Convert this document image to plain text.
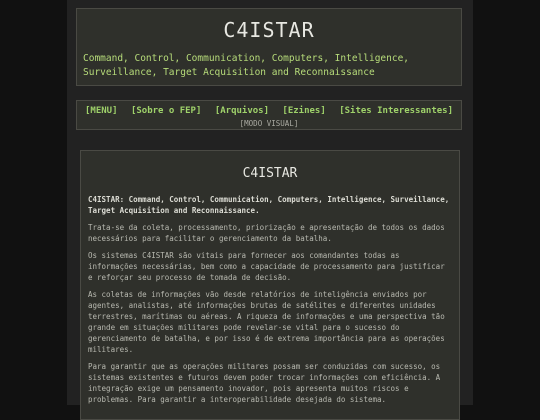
C4ISTAR
Command, Control, Communication, Computers, Intelligence, Surveillance, Target Acquisition and Reconnaissance
[MENU] [Sobre o FEP] [Arquivos] [Ezines] [Sites Interessantes]
[MODO VISUAL]
C4ISTAR

C4ISTAR: Command, Control, Communication, Computers, Intelligence, Surveillance, Target Acquisition and Reconnaissance.

Trata-se da coleta, processamento, priorização e apresentação de todos os dados necessários para facilitar o gerenciamento da batalha.

Os sistemas C4ISTAR são vitais para fornecer aos comandantes todas as informações necessárias, bem como a capacidade de processamento para justificar e reforçar seu processo de tomada de decisão.

As coletas de informações vão desde relatórios de inteligência enviados por agentes, analistas, até informações brutas de satélites e diferentes unidades terrestres, marítimas ou aéreas. A riqueza de informações e uma perspectiva tão grande em situações militares pode revelar-se vital para o sucesso do gerenciamento de batalha, e por isso é de extrema importância para as operações militares.

Para garantir que as operações militares possam ser conduzidas com sucesso, os sistemas existentes e futuros devem poder trocar informações com eficiência. A integração exige um pensamento inovador, pois apresenta muitos riscos e problemas. Para garantir a interoperabilidade desejada do sistema.
